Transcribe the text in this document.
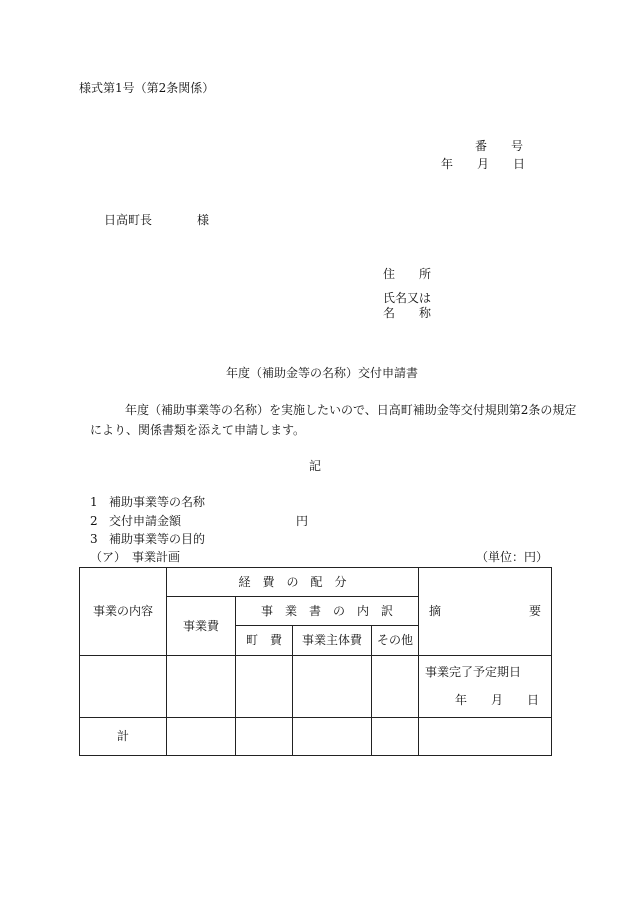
様式第1号（第2条関係）
番　　号
年　　月　　日
日高町長	様
住　　所
氏名又は
名　　称
年度（補助金等の名称）交付申請書
年度（補助事業等の名称）を実施したいので、日高町補助金等交付規則第2条の規定
により、関係書類を添えて申請します。
記
1 補助事業等の名称
2 交付申請金額	円
3 補助事業等の目的
（ア）　事業計画	（単位：円）
事業の内容	経　費　の　配　分				摘 要

	事業費	事　業　書　の　内　訳			
		町　費	事業主体費	その他	

					事業完了予定期日
年　　月　　日

計					
